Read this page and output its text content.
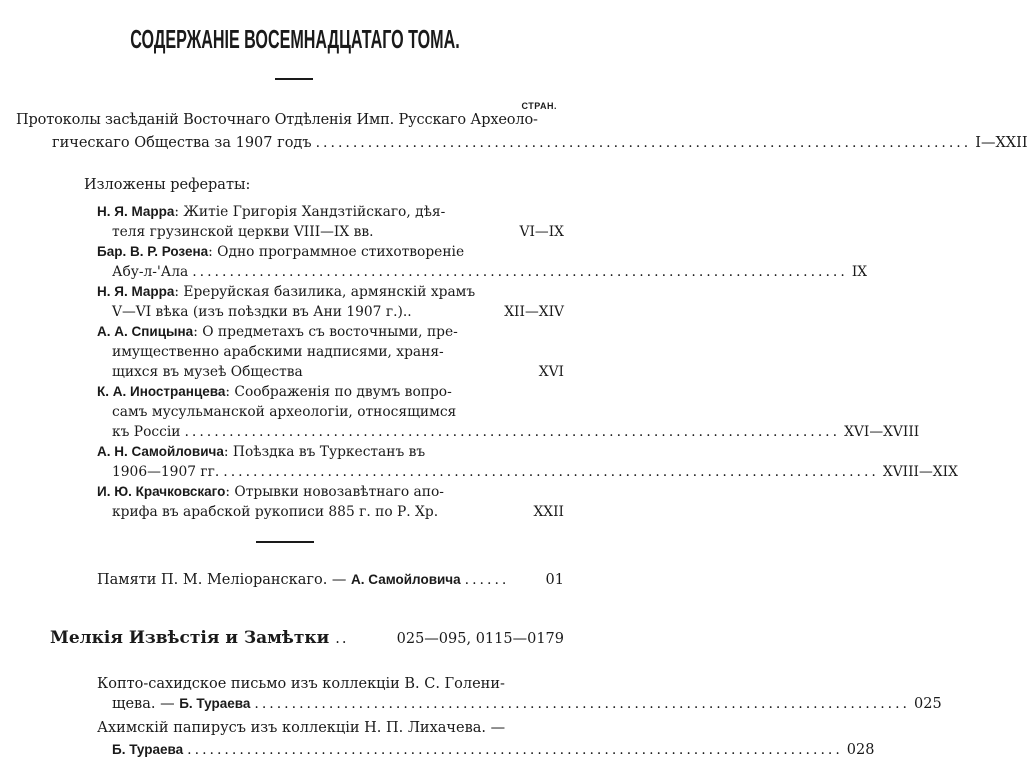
СОДЕРЖАНІЕ ВОСЕМНАДЦАТАГО ТОМА.
СТРАН.
Протоколы засѣданій Восточнаго Отдѣленія Имп. Русскаго Археоло-
гическаго Общества за 1907 годъ ........................................................................................ I—XXII
Изложены рефераты:
Н. Я. Марра: Житіе Григорія Хандзтійскаго, дѣя-
теля грузинской церкви VIII—IX вв.	VI—IX
Бар. В. Р. Розена: Одно программное стихотвореніе
Абу-л-'Ала ........................................................................................ IX
Н. Я. Марра: Ерерyйская базилика, армянскій храмъ
V—VI вѣка (изъ поѣздки въ Ани 1907 г.)..	XII—XIV
А. А. Спицына: О предметахъ съ восточными, пре-
имущественно арабскими надписями, храня-
щихся въ музеѣ Общества	XVI
К. А. Иностранцева: Соображенія по двумъ вопро-
самъ мусульманской археологіи, относящимся
къ Россіи ........................................................................................ XVI—XVIII
А. Н. Самойловича: Поѣздка въ Туркестанъ въ
1906—1907 гг. ........................................................................................ XVIII—XIX
И. Ю. Крачковскаго: Отрывки новозавѣтнаго апо-
крифа въ арабской рукописи 885 г. по Р. Хр.	XXII
Памяти П. М. Меліоранскаго. — А. Самойловича ......	01
Мелкія Извѣстія и Замѣтки ..	025—095, 0115—0179
Копто-сахидское письмо изъ коллекціи В. С. Голени-
щева. — Б. Тураева ........................................................................................ 025
Ахимскій папирусъ изъ коллекціи Н. П. Лихачева. —
Б. Тураева ........................................................................................ 028
